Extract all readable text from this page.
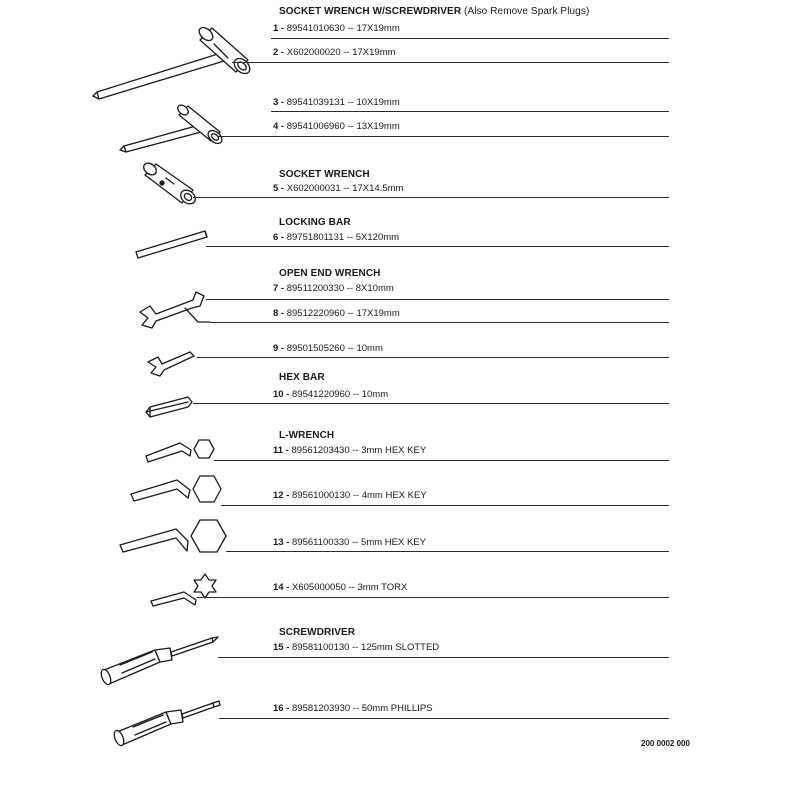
SOCKET WRENCH W/SCREWDRIVER (Also Remove Spark Plugs)
SOCKET WRENCH
LOCKING BAR
OPEN END WRENCH
HEX BAR
L-WRENCH
SCREWDRIVER
1 - 89541010630 -- 17X19mm
2 - X602000020 -- 17X19mm
3 - 89541039131 -- 10X19mm
4 - 89541006960 -- 13X19mm
5 - X602000031 -- 17X14.5mm
6 - 89751801131 -- 5X120mm
7 - 89511200330 -- 8X10mm
8 - 89512220960 -- 17X19mm
9 - 89501505260 -- 10mm
10 - 89541220960 -- 10mm
11 - 89561203430 -- 3mm HEX KEY
12 - 89561000130 -- 4mm HEX KEY
13 - 89561100330 -- 5mm HEX KEY
14 - X605000050 -- 3mm TORX
15 - 89581100130 -- 125mm SLOTTED
16 - 89581203930 -- 50mm PHILLIPS
200 0002 000
